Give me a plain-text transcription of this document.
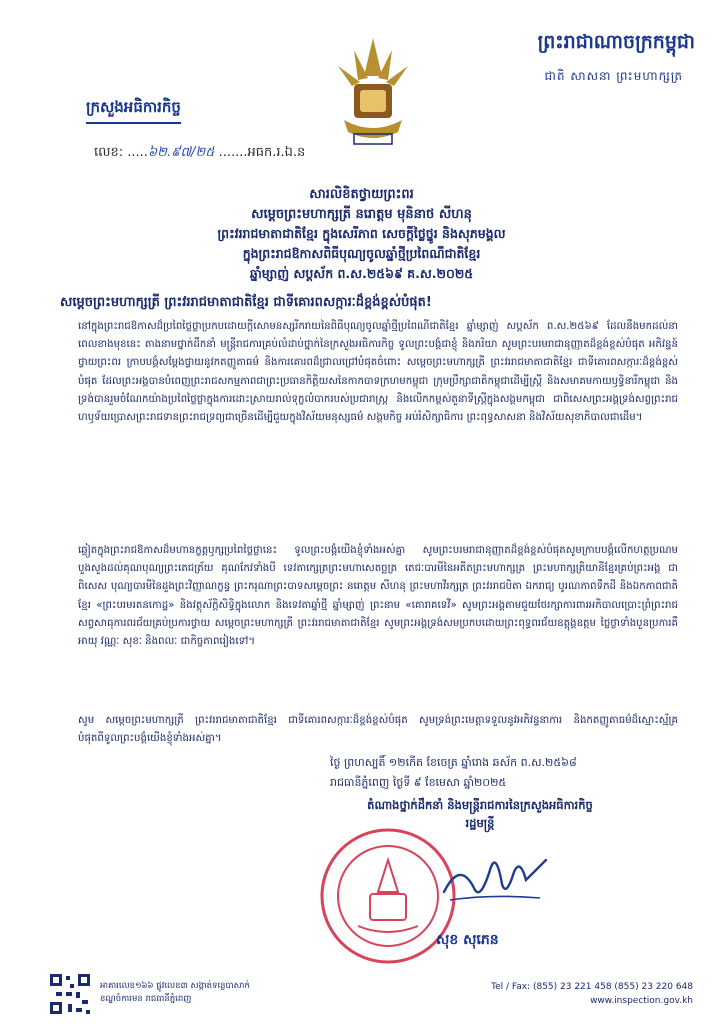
ព្រះរាជាណាចក្រកម្ពុជា
ជាតិ សាសនា ព្រះមហាក្សត្រ
ក្រសួងអធិការកិច្ច
លេខ: .....៦២.៩៧/២៥ .......អធក.រ.ឯ.ន
សារលិខិតថ្វាយព្រះពរ
សម្ដេចព្រះមហាក្សត្រី នរោត្តម មុនិនាថ សីហនុ
ព្រះវររាជមាតាជាតិខ្មែរ ក្នុងសេរីភាព សេចក្ដីថ្លៃថ្នូរ និងសុភមង្គល
ក្នុងព្រះរាជឱកាសពិធីបុណ្យចូលឆ្នាំថ្មីប្រពៃណីជាតិខ្មែរ
ឆ្នាំម្សាញ់ សប្តស័ក ព.ស.២៥៦៩ គ.ស.២០២៥
សម្ដេចព្រះមហាក្សត្រី ព្រះវររាជមាតាជាតិខ្មែរ ជាទីគោរពសក្ការៈដ៏ខ្ពង់ខ្ពស់បំផុត!
នៅក្នុងព្រះរាជឱកាសដ៏ប្រពៃថ្លៃថ្លាប្រកបដោយក្ដីសោមនស្សរីករាយនៃពិធីបុណ្យចូលឆ្នាំថ្មីប្រពៃណីជាតិខ្មែរ ឆ្នាំម្សាញ់ សប្តស័ក ព.ស.២៥៦៩ ដែលនឹងមកដល់នាពេលខាងមុខនេះ តាងនាមថ្នាក់ដឹកនាំ មន្ត្រីរាជការគ្រប់លំដាប់ថ្នាក់នៃក្រសួងអធិការកិច្ច ទូលព្រះបង្គំជាខ្ញុំ និងភរិយា សូមព្រះបរមរាជានុញ្ញាតដ៏ខ្ពង់ខ្ពស់បំផុត អភិវន្ទន៍ថ្វាយព្រះពរ ក្រាបបង្គំសម្ដែងថ្វាយនូវកតញ្ញូតាធម៌ និងការគោរពដ៏ជ្រាលជ្រៅបំផុតចំពោះ សម្ដេចព្រះមហាក្សត្រី ព្រះវររាជមាតាជាតិខ្មែរ ជាទីគោរពសក្ការៈដ៏ខ្ពង់ខ្ពស់បំផុត ដែលព្រះអង្គបានបំពេញព្រះរាជសកម្មភាពជាព្រះប្រធានកិត្តិយសនៃកាកបាទក្រហមកម្ពុជា ក្រុមប្រឹក្សាជាតិកម្ពុជាដើម្បីស្ត្រី និងសមាគមកាយឫទ្ធិនារីកម្ពុជា និងទ្រង់បានរួមចំណែកយ៉ាងប្រពៃថ្លៃថ្លាក្នុងការដោះស្រាយរាល់ទុក្ខលំបាករបស់ប្រជារាស្ត្រ និងលើកកម្ពស់តួនាទីស្ត្រីក្នុងសង្គមកម្ពុជា ជាពិសេសព្រះអង្គទ្រង់សព្វព្រះរាជហឫទ័យប្រោសព្រះរាជទានព្រះរាជទ្រព្យជាច្រើនដើម្បីជួយក្នុងវិស័យមនុស្សធម៌ សង្គមកិច្ច អប់រំសិក្សាធិការ ព្រះពុទ្ធសាសនា និងវិស័យសុខាភិបាលជាដើម។
ឆ្លៀតក្នុងព្រះរាជឱកាសដ៏មហានក្ខត្តឫក្សប្រពៃថ្លៃថ្លានេះ ទូលព្រះបង្គំយើងខ្ញុំទាំងអស់គ្នា សូមព្រះបរមរាជានុញ្ញាតដ៏ខ្ពង់ខ្ពស់បំផុតសូមក្រាបបង្គំលើកហត្ថប្រណមបួងសួងដល់គុណបុណ្យព្រះតេជត្រ័យ គុណកែវទាំងបី ទេវតាក្សេត្រព្រះមហាសេតច្ឆត្រ តេជៈបារមីនៃអតីតព្រះមហាក្សត្រ ព្រះមហាក្សត្រិយានីខ្មែរគ្រប់ព្រះអង្គ ជាពិសេស បុណ្យបារមីនៃដួងព្រះវិញ្ញាណក្ខន្ធ ព្រះករុណាព្រះបាទសម្ដេចព្រះ នរោត្តម សីហនុ ព្រះមហាវីរក្សត្រ ព្រះវររាជបិតា ឯករាជ្យ បូរណភាពទឹកដី និងឯកភាពជាតិខ្មែរ «ព្រះបរមរតនកោដ្ឋ» និងវត្ថុស័ក្ដិសិទ្ធិក្នុងលោក និងទេវតាឆ្នាំថ្មី ឆ្នាំម្សាញ់ ព្រះនាម «គោរាគទេវី» សូមព្រះអង្គតាមជួយថែរក្សាការពារអភិបាលប្រោះព្រំព្រះរាជសព្វសាធុការពរជ័យគ្រប់ប្រការថ្វាយ សម្ដេចព្រះមហាក្សត្រី ព្រះវររាជមាតាជាតិខ្មែរ សូមព្រះអង្គទ្រង់សមប្រកបដោយព្រះពុទ្ធពរជ័យឧត្ដុង្គឧត្ដម ថ្លៃថ្លាទាំងបួនប្រការគឺ អាយុ វណ្ណៈ សុខៈ និងពលៈ ជាកិច្ចភាពរៀងទៅ។
សូម សម្ដេចព្រះមហាក្សត្រី ព្រះវររាជមាតាជាតិខ្មែរ ជាទីគោរពសក្ការៈដ៏ខ្ពង់ខ្ពស់បំផុត សូមទ្រង់ព្រះមេត្តាទទួលនូវអភិវន្ទនាការ និងកតញ្ញូតាធម៌ដ៏ស្មោះស្ម័គ្របំផុតពីទូលព្រះបង្គំយើងខ្ញុំទាំងអស់គ្នា។
ថ្ងៃ ព្រហស្បតិ៍ ១២កើត ខែចេត្រ ឆ្នាំរោង ឆស័ក ព.ស.២៥៦៨
រាជធានីភ្នំពេញ ថ្ងៃទី ៩ ខែមេសា ឆ្នាំ២០២៥
តំណាងថ្នាក់ដឹកនាំ និងមន្ត្រីរាជការនៃក្រសួងអធិការកិច្ច
រដ្ឋមន្ត្រី
សុខ សុភេន
អាគារលេខ១៦៦ ផ្លូវលេខ៣ សង្កាត់ទន្លេបាសាក់
ខណ្ឌចំការមន រាជធានីភ្នំពេញ
Tel / Fax: (855) 23 221 458 (855) 23 220 648
www.inspection.gov.kh
